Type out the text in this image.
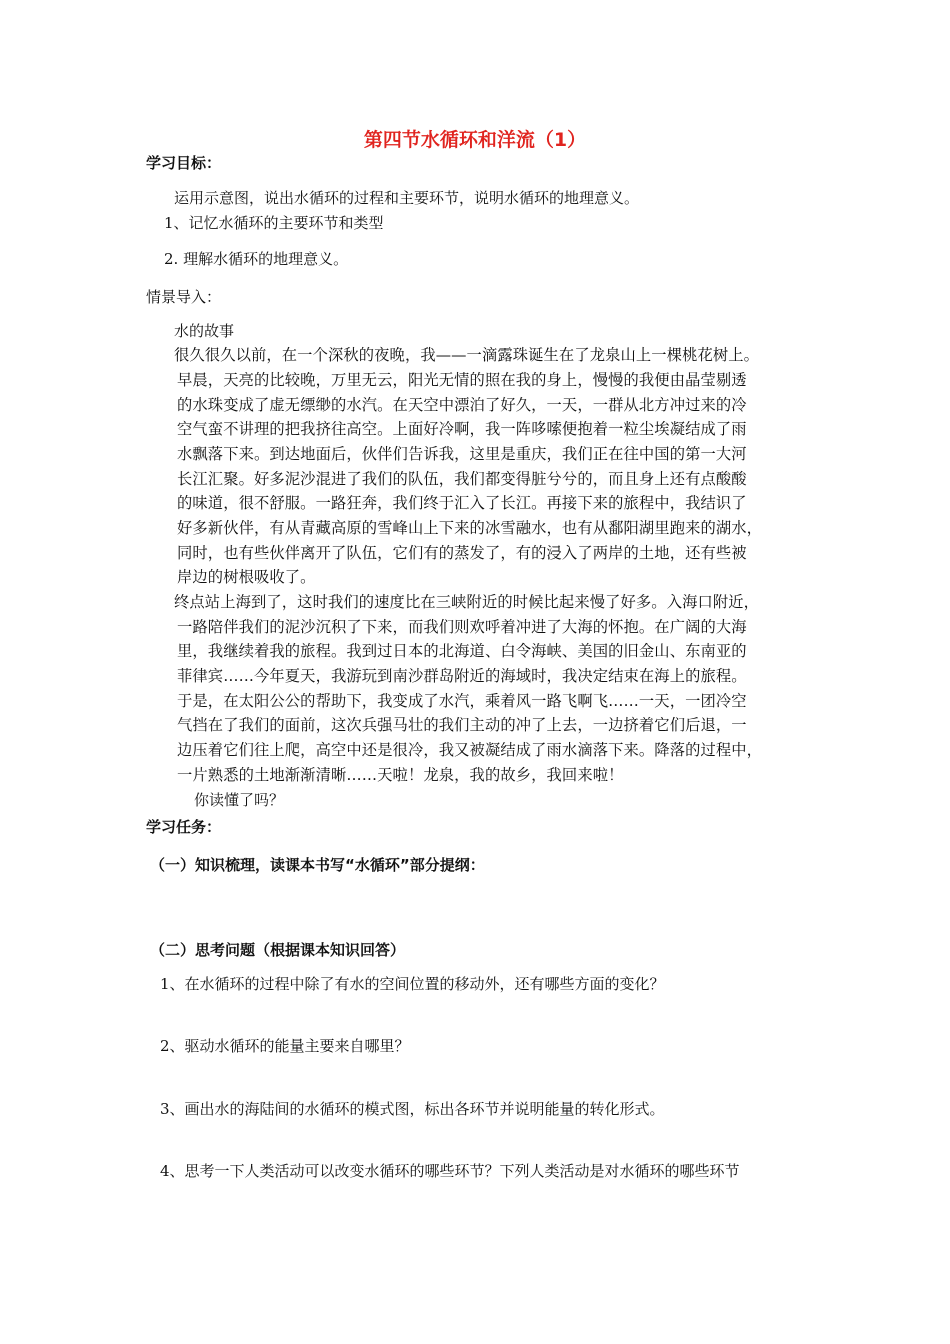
第四节水循环和洋流（1）
学习目标：
运用示意图，说出水循环的过程和主要环节，说明水循环的地理意义。
1、记忆水循环的主要环节和类型
2. 理解水循环的地理意义。
情景导入：
水的故事
很久很久以前，在一个深秋的夜晚，我——一滴露珠诞生在了龙泉山上一棵桃花树上。
早晨，天亮的比较晚，万里无云，阳光无情的照在我的身上，慢慢的我便由晶莹剔透
的水珠变成了虚无缥缈的水汽。在天空中漂泊了好久，一天，一群从北方冲过来的冷
空气蛮不讲理的把我挤往高空。上面好冷啊，我一阵哆嗦便抱着一粒尘埃凝结成了雨
水飘落下来。到达地面后，伙伴们告诉我，这里是重庆，我们正在往中国的第一大河
长江汇聚。好多泥沙混进了我们的队伍，我们都变得脏兮兮的，而且身上还有点酸酸
的味道，很不舒服。一路狂奔，我们终于汇入了长江。再接下来的旅程中，我结识了
好多新伙伴，有从青藏高原的雪峰山上下来的冰雪融水，也有从鄱阳湖里跑来的湖水，
同时，也有些伙伴离开了队伍，它们有的蒸发了，有的浸入了两岸的土地，还有些被
岸边的树根吸收了。
终点站上海到了，这时我们的速度比在三峡附近的时候比起来慢了好多。入海口附近，
一路陪伴我们的泥沙沉积了下来，而我们则欢呼着冲进了大海的怀抱。在广阔的大海
里，我继续着我的旅程。我到过日本的北海道、白令海峡、美国的旧金山、东南亚的
菲律宾……今年夏天，我游玩到南沙群岛附近的海域时，我决定结束在海上的旅程。
于是，在太阳公公的帮助下，我变成了水汽，乘着风一路飞啊飞……一天，一团冷空
气挡在了我们的面前，这次兵强马壮的我们主动的冲了上去，一边挤着它们后退，一
边压着它们往上爬，高空中还是很冷，我又被凝结成了雨水滴落下来。降落的过程中，
一片熟悉的土地渐渐清晰……天啦！龙泉，我的故乡，我回来啦！
你读懂了吗？
学习任务：
（一）知识梳理，读课本书写“水循环”部分提纲：
（二）思考问题（根据课本知识回答）
1、在水循环的过程中除了有水的空间位置的移动外，还有哪些方面的变化？
2、驱动水循环的能量主要来自哪里？
3、画出水的海陆间的水循环的模式图，标出各环节并说明能量的转化形式。
4、思考一下人类活动可以改变水循环的哪些环节？下列人类活动是对水循环的哪些环节
